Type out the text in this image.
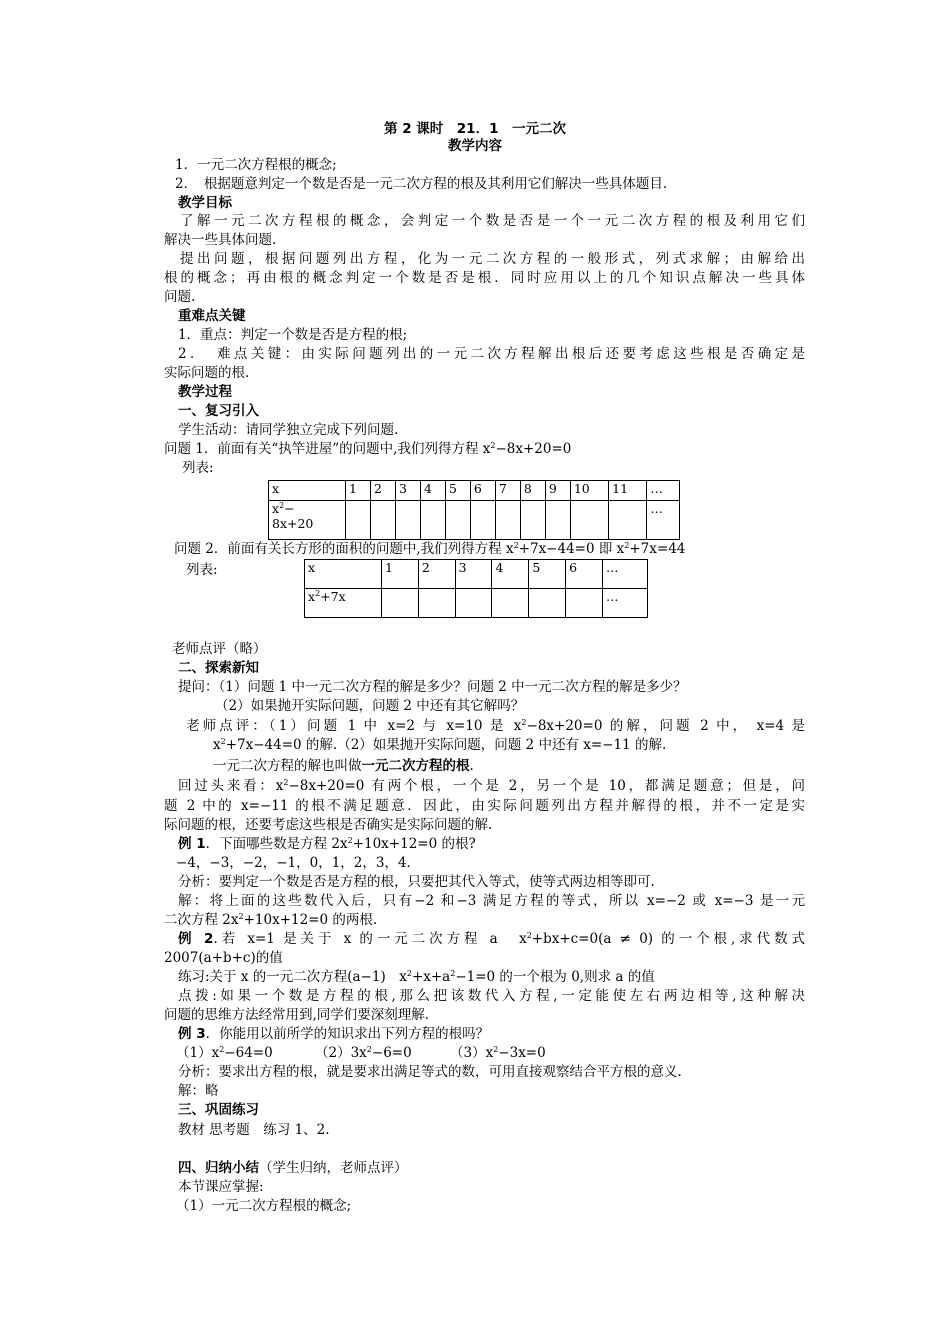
第 2 课时　21．1　一元二次
教学内容
1．一元二次方程根的概念;
2．　根据题意判定一个数是否是一元二次方程的根及其利用它们解决一些具体题目.
教学目标
了解一元二次方程根的概念，会判定一个数是否是一个一元二次方程的根及利用它们
解决一些具体问题.
提出问题，根据问题列出方程，化为一元二次方程的一般形式，列式求解；由解给出
根的概念；再由根的概念判定一个数是否是根．同时应用以上的几个知识点解决一些具体
问题.
重难点关键
1．重点：判定一个数是否是方程的根;
2．　难点关键：由实际问题列出的一元二次方程解出根后还要考虑这些根是否确定是
实际问题的根.
教学过程
一、复习引入
学生活动：请同学独立完成下列问题.
问题 1．前面有关“执竿进屋”的问题中,我们列得方程 $x^2-8x+20=0$
列表:
x	1	2	3	4	5	6	7	8	9	10	11	…
$x^2-$
8x+20												…
问题 2．前面有关长方形的面积的问题中,我们列得方程 $x^2+7x-44=0$ 即 $x^2+7x=44$
列表:	x	1	2	3	4	5	6	…
$x^2+7x$							…
老师点评（略）
二、探索新知
提问：（1）问题 1 中一元二次方程的解是多少？问题 2 中一元二次方程的解是多少？
（2）如果抛开实际问题，问题 2 中还有其它解吗？
老师点评：（1）问题 1 中 x=2 与 x=10 是 $x^2-8x+20=0$ 的解，问题 2 中， x=4 是
$x^2+7x-44=0$ 的解.（2）如果抛开实际问题，问题 2 中还有 x=−11 的解.
一元二次方程的解也叫做一元二次方程的根.
回过头来看：$x^2-8x+20=0$ 有两个根，一个是 2，另一个是 10，都满足题意；但是，问
题 2 中的 x=−11 的根不满足题意．因此，由实际问题列出方程并解得的根，并不一定是实
际问题的根，还要考虑这些根是否确实是实际问题的解.
例 1．下面哪些数是方程 $2x^2+10x+12=0$ 的根?
−4，−3，−2，−1，0，1，2，3，4．
分析：要判定一个数是否是方程的根，只要把其代入等式，使等式两边相等即可.
解：将上面的这些数代入后，只有−2 和−3 满足方程的等式，所以 x=−2 或 x=−3 是一元
二次方程 $2x^2+10x+12=0$ 的两根.
例 2.若 x=1 是关于 x 的一元二次方程 a　$x^2+bx+c=0(a \ne 0)$ 的一个根,求代数式
2007(a+b+c)的值
练习:关于 x 的一元二次方程(a−1)　$x^2+x+a^2-1=0$ 的一个根为 0,则求 a 的值
点拨:如果一个数是方程的根,那么把该数代入方程,一定能使左右两边相等,这种解决
问题的思维方法经常用到,同学们要深刻理解.
例 3．你能用以前所学的知识求出下列方程的根吗？
$(1)x^2-64=0$	$(2)3x^2-6=0$	$(3)x^2-3x=0$
分析：要求出方程的根，就是要求出满足等式的数，可用直接观察结合平方根的意义.
解：略
三、巩固练习
教材 思考题　练习 1、2.
四、归纳小结（学生归纳，老师点评）
本节课应掌握:
（1）一元二次方程根的概念;
